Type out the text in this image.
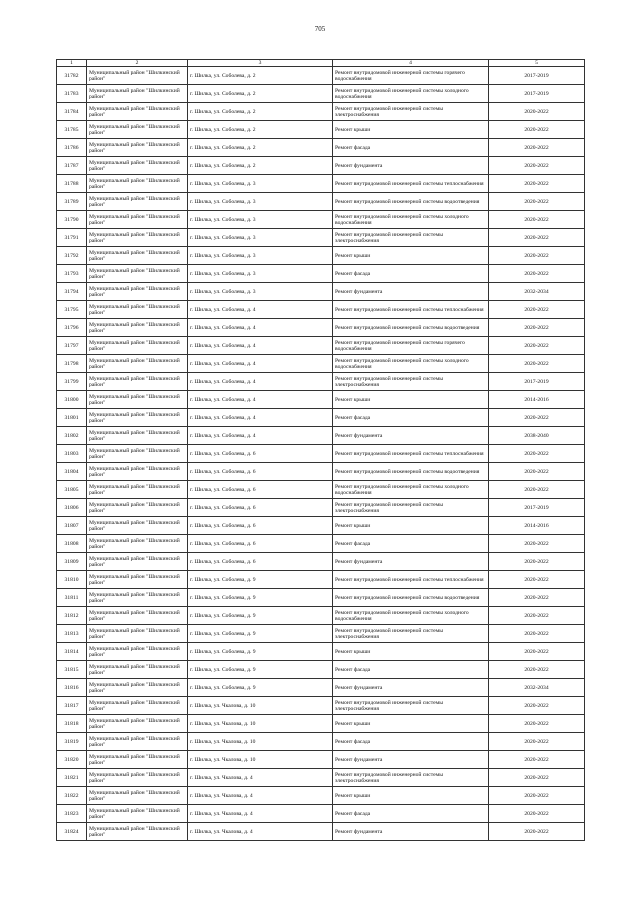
705
1	2	3	4	5
31782	Муниципальный район "Шилкинский район"	г. Шилка, ул. Соболева, д. 2	Ремонт внутридомовой инженерной системы горячего водоснабжения	2017-2019
31783	Муниципальный район "Шилкинский район"	г. Шилка, ул. Соболева, д. 2	Ремонт внутридомовой инженерной системы холодного водоснабжения	2017-2019
31784	Муниципальный район "Шилкинский район"	г. Шилка, ул. Соболева, д. 2	Ремонт внутридомовой инженерной системы электроснабжения	2020-2022
31785	Муниципальный район "Шилкинский район"	г. Шилка, ул. Соболева, д. 2	Ремонт крыши	2020-2022
31786	Муниципальный район "Шилкинский район"	г. Шилка, ул. Соболева, д. 2	Ремонт фасада	2020-2022
31787	Муниципальный район "Шилкинский район"	г. Шилка, ул. Соболева, д. 2	Ремонт фундамента	2020-2022
31788	Муниципальный район "Шилкинский район"	г. Шилка, ул. Соболева, д. 3	Ремонт внутридомовой инженерной системы теплоснабжения	2020-2022
31789	Муниципальный район "Шилкинский район"	г. Шилка, ул. Соболева, д. 3	Ремонт внутридомовой инженерной системы водоотведения	2020-2022
31790	Муниципальный район "Шилкинский район"	г. Шилка, ул. Соболева, д. 3	Ремонт внутридомовой инженерной системы холодного водоснабжения	2020-2022
31791	Муниципальный район "Шилкинский район"	г. Шилка, ул. Соболева, д. 3	Ремонт внутридомовой инженерной системы электроснабжения	2020-2022
31792	Муниципальный район "Шилкинский район"	г. Шилка, ул. Соболева, д. 3	Ремонт крыши	2020-2022
31793	Муниципальный район "Шилкинский район"	г. Шилка, ул. Соболева, д. 3	Ремонт фасада	2020-2022
31794	Муниципальный район "Шилкинский район"	г. Шилка, ул. Соболева, д. 3	Ремонт фундамента	2032-2034
31795	Муниципальный район "Шилкинский район"	г. Шилка, ул. Соболева, д. 4	Ремонт внутридомовой инженерной системы теплоснабжения	2020-2022
31796	Муниципальный район "Шилкинский район"	г. Шилка, ул. Соболева, д. 4	Ремонт внутридомовой инженерной системы водоотведения	2020-2022
31797	Муниципальный район "Шилкинский район"	г. Шилка, ул. Соболева, д. 4	Ремонт внутридомовой инженерной системы горячего водоснабжения	2020-2022
31798	Муниципальный район "Шилкинский район"	г. Шилка, ул. Соболева, д. 4	Ремонт внутридомовой инженерной системы холодного водоснабжения	2020-2022
31799	Муниципальный район "Шилкинский район"	г. Шилка, ул. Соболева, д. 4	Ремонт внутридомовой инженерной системы электроснабжения	2017-2019
31800	Муниципальный район "Шилкинский район"	г. Шилка, ул. Соболева, д. 4	Ремонт крыши	2014-2016
31801	Муниципальный район "Шилкинский район"	г. Шилка, ул. Соболева, д. 4	Ремонт фасада	2020-2022
31802	Муниципальный район "Шилкинский район"	г. Шилка, ул. Соболева, д. 4	Ремонт фундамента	2038-2040
31803	Муниципальный район "Шилкинский район"	г. Шилка, ул. Соболева, д. 6	Ремонт внутридомовой инженерной системы теплоснабжения	2020-2022
31804	Муниципальный район "Шилкинский район"	г. Шилка, ул. Соболева, д. 6	Ремонт внутридомовой инженерной системы водоотведения	2020-2022
31805	Муниципальный район "Шилкинский район"	г. Шилка, ул. Соболева, д. 6	Ремонт внутридомовой инженерной системы холодного водоснабжения	2020-2022
31806	Муниципальный район "Шилкинский район"	г. Шилка, ул. Соболева, д. 6	Ремонт внутридомовой инженерной системы электроснабжения	2017-2019
31807	Муниципальный район "Шилкинский район"	г. Шилка, ул. Соболева, д. 6	Ремонт крыши	2014-2016
31808	Муниципальный район "Шилкинский район"	г. Шилка, ул. Соболева, д. 6	Ремонт фасада	2020-2022
31809	Муниципальный район "Шилкинский район"	г. Шилка, ул. Соболева, д. 6	Ремонт фундамента	2020-2022
31810	Муниципальный район "Шилкинский район"	г. Шилка, ул. Соболева, д. 9	Ремонт внутридомовой инженерной системы теплоснабжения	2020-2022
31811	Муниципальный район "Шилкинский район"	г. Шилка, ул. Соболева, д. 9	Ремонт внутридомовой инженерной системы водоотведения	2020-2022
31812	Муниципальный район "Шилкинский район"	г. Шилка, ул. Соболева, д. 9	Ремонт внутридомовой инженерной системы холодного водоснабжения	2020-2022
31813	Муниципальный район "Шилкинский район"	г. Шилка, ул. Соболева, д. 9	Ремонт внутридомовой инженерной системы электроснабжения	2020-2022
31814	Муниципальный район "Шилкинский район"	г. Шилка, ул. Соболева, д. 9	Ремонт крыши	2020-2022
31815	Муниципальный район "Шилкинский район"	г. Шилка, ул. Соболева, д. 9	Ремонт фасада	2020-2022
31816	Муниципальный район "Шилкинский район"	г. Шилка, ул. Соболева, д. 9	Ремонт фундамента	2032-2034
31817	Муниципальный район "Шилкинский район"	г. Шилка, ул. Чкалова, д. 10	Ремонт внутридомовой инженерной системы электроснабжения	2020-2022
31818	Муниципальный район "Шилкинский район"	г. Шилка, ул. Чкалова, д. 10	Ремонт крыши	2020-2022
31819	Муниципальный район "Шилкинский район"	г. Шилка, ул. Чкалова, д. 10	Ремонт фасада	2020-2022
31820	Муниципальный район "Шилкинский район"	г. Шилка, ул. Чкалова, д. 10	Ремонт фундамента	2020-2022
31821	Муниципальный район "Шилкинский район"	г. Шилка, ул. Чкалова, д. 4	Ремонт внутридомовой инженерной системы электроснабжения	2020-2022
31822	Муниципальный район "Шилкинский район"	г. Шилка, ул. Чкалова, д. 4	Ремонт крыши	2020-2022
31823	Муниципальный район "Шилкинский район"	г. Шилка, ул. Чкалова, д. 4	Ремонт фасада	2020-2022
31824	Муниципальный район "Шилкинский район"	г. Шилка, ул. Чкалова, д. 4	Ремонт фундамента	2020-2022
